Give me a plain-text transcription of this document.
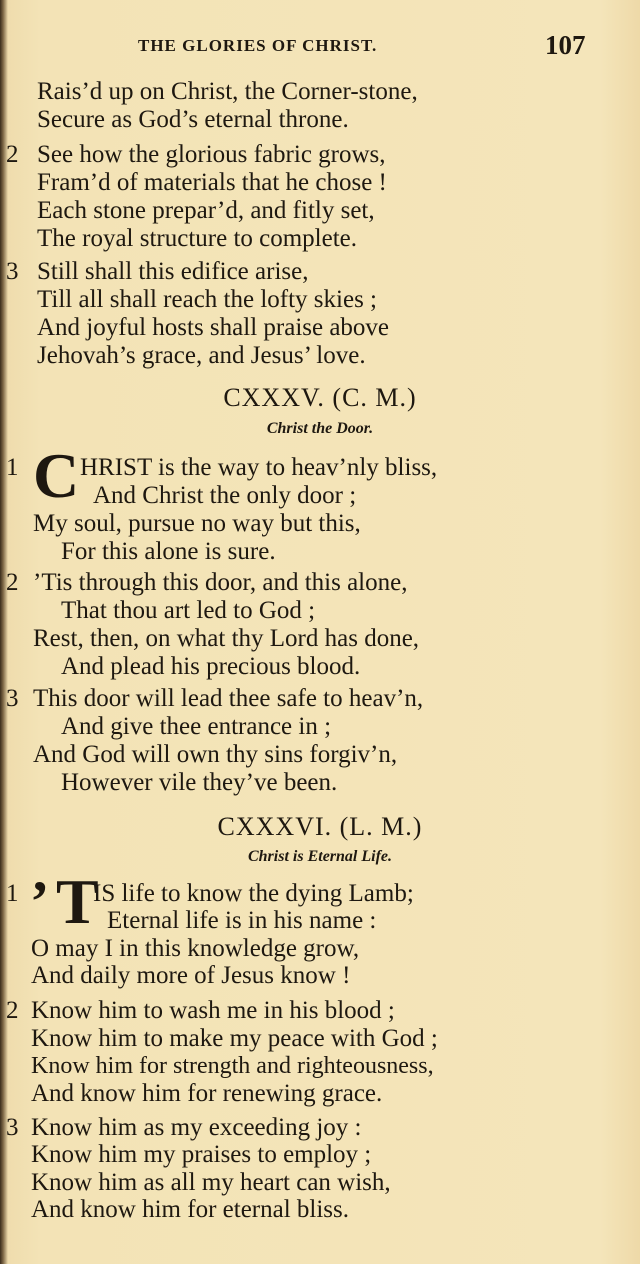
THE GLORIES OF CHRIST.	107
Rais’d up on Christ, the Corner-stone,
Secure as God’s eternal throne.
2 See how the glorious fabric grows,
Fram’d of materials that he chose !
Each stone prepar’d, and fitly set,
The royal structure to complete.
3 Still shall this edifice arise,
Till all shall reach the lofty skies ;
And joyful hosts shall praise above
Jehovah’s grace, and Jesus’ love.
CXXXV. (C. M.)
Christ the Door.
1 C HRIST is the way to heav’nly bliss,
And Christ the only door ;
My soul, pursue no way but this,
For this alone is sure.
2 ’Tis through this door, and this alone,
That thou art led to God ;
Rest, then, on what thy Lord has done,
And plead his precious blood.
3 This door will lead thee safe to heav’n,
And give thee entrance in ;
And God will own thy sins forgiv’n,
However vile they’ve been.
CXXXVI. (L. M.)
Christ is Eternal Life.
1 ’ T
IS life to know the dying Lamb;
Eternal life is in his name :
O may I in this knowledge grow,
And daily more of Jesus know !
2 Know him to wash me in his blood ;
Know him to make my peace with God ;
Know him for strength and righteousness,
And know him for renewing grace.
3 Know him as my exceeding joy :
Know him my praises to employ ;
Know him as all my heart can wish,
And know him for eternal bliss.
